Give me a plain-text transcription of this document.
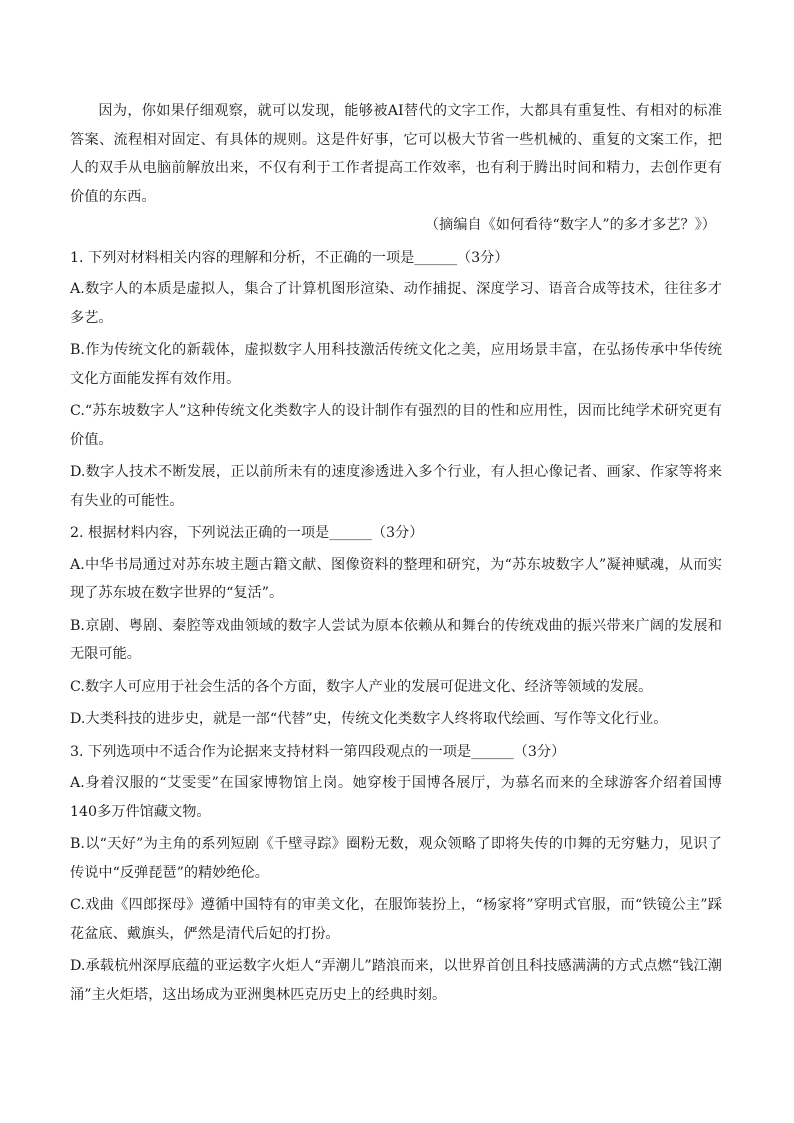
因为，你如果仔细观察，就可以发现，能够被AI替代的文字工作，大都具有重复性、有相对的标准答案、流程相对固定、有具体的规则。这是件好事，它可以极大节省一些机械的、重复的文案工作，把人的双手从电脑前解放出来，不仅有利于工作者提高工作效率，也有利于腾出时间和精力，去创作更有价值的东西。

（摘编自《如何看待“数字人”的多才多艺？》）

1. 下列对材料相关内容的理解和分析，不正确的一项是______（3分）

A.数字人的本质是虚拟人，集合了计算机图形渲染、动作捕捉、深度学习、语音合成等技术，往往多才多艺。

B.作为传统文化的新载体，虚拟数字人用科技激活传统文化之美，应用场景丰富，在弘扬传承中华传统文化方面能发挥有效作用。

C.“苏东坡数字人”这种传统文化类数字人的设计制作有强烈的目的性和应用性，因而比纯学术研究更有价值。

D.数字人技术不断发展，正以前所未有的速度渗透进入多个行业，有人担心像记者、画家、作家等将来有失业的可能性。

2. 根据材料内容，下列说法正确的一项是______（3分）

A.中华书局通过对苏东坡主题古籍文献、图像资料的整理和研究，为“苏东坡数字人”凝神赋魂，从而实现了苏东坡在数字世界的“复活”。

B.京剧、粤剧、秦腔等戏曲领域的数字人尝试为原本依赖从和舞台的传统戏曲的振兴带来广阔的发展和无限可能。

C.数字人可应用于社会生活的各个方面，数字人产业的发展可促进文化、经济等领域的发展。

D.大类科技的进步史，就是一部“代替”史，传统文化类数字人终将取代绘画、写作等文化行业。

3. 下列选项中不适合作为论据来支持材料一第四段观点的一项是______（3分）

A.身着汉服的“艾雯雯”在国家博物馆上岗。她穿梭于国博各展厅，为慕名而来的全球游客介绍着国博140多万件馆藏文物。

B.以“天好”为主角的系列短剧《千壁寻踪》圈粉无数，观众领略了即将失传的巾舞的无穷魅力，见识了传说中“反弹琵琶”的精妙绝伦。

C.戏曲《四郎探母》遵循中国特有的审美文化，在服饰装扮上，“杨家将”穿明式官服，而“铁镜公主”踩花盆底、戴旗头，俨然是清代后妃的打扮。

D.承载杭州深厚底蕴的亚运数字火炬人“弄潮儿”踏浪而来，以世界首创且科技感满满的方式点燃“钱江潮涌”主火炬塔，这出场成为亚洲奥林匹克历史上的经典时刻。
